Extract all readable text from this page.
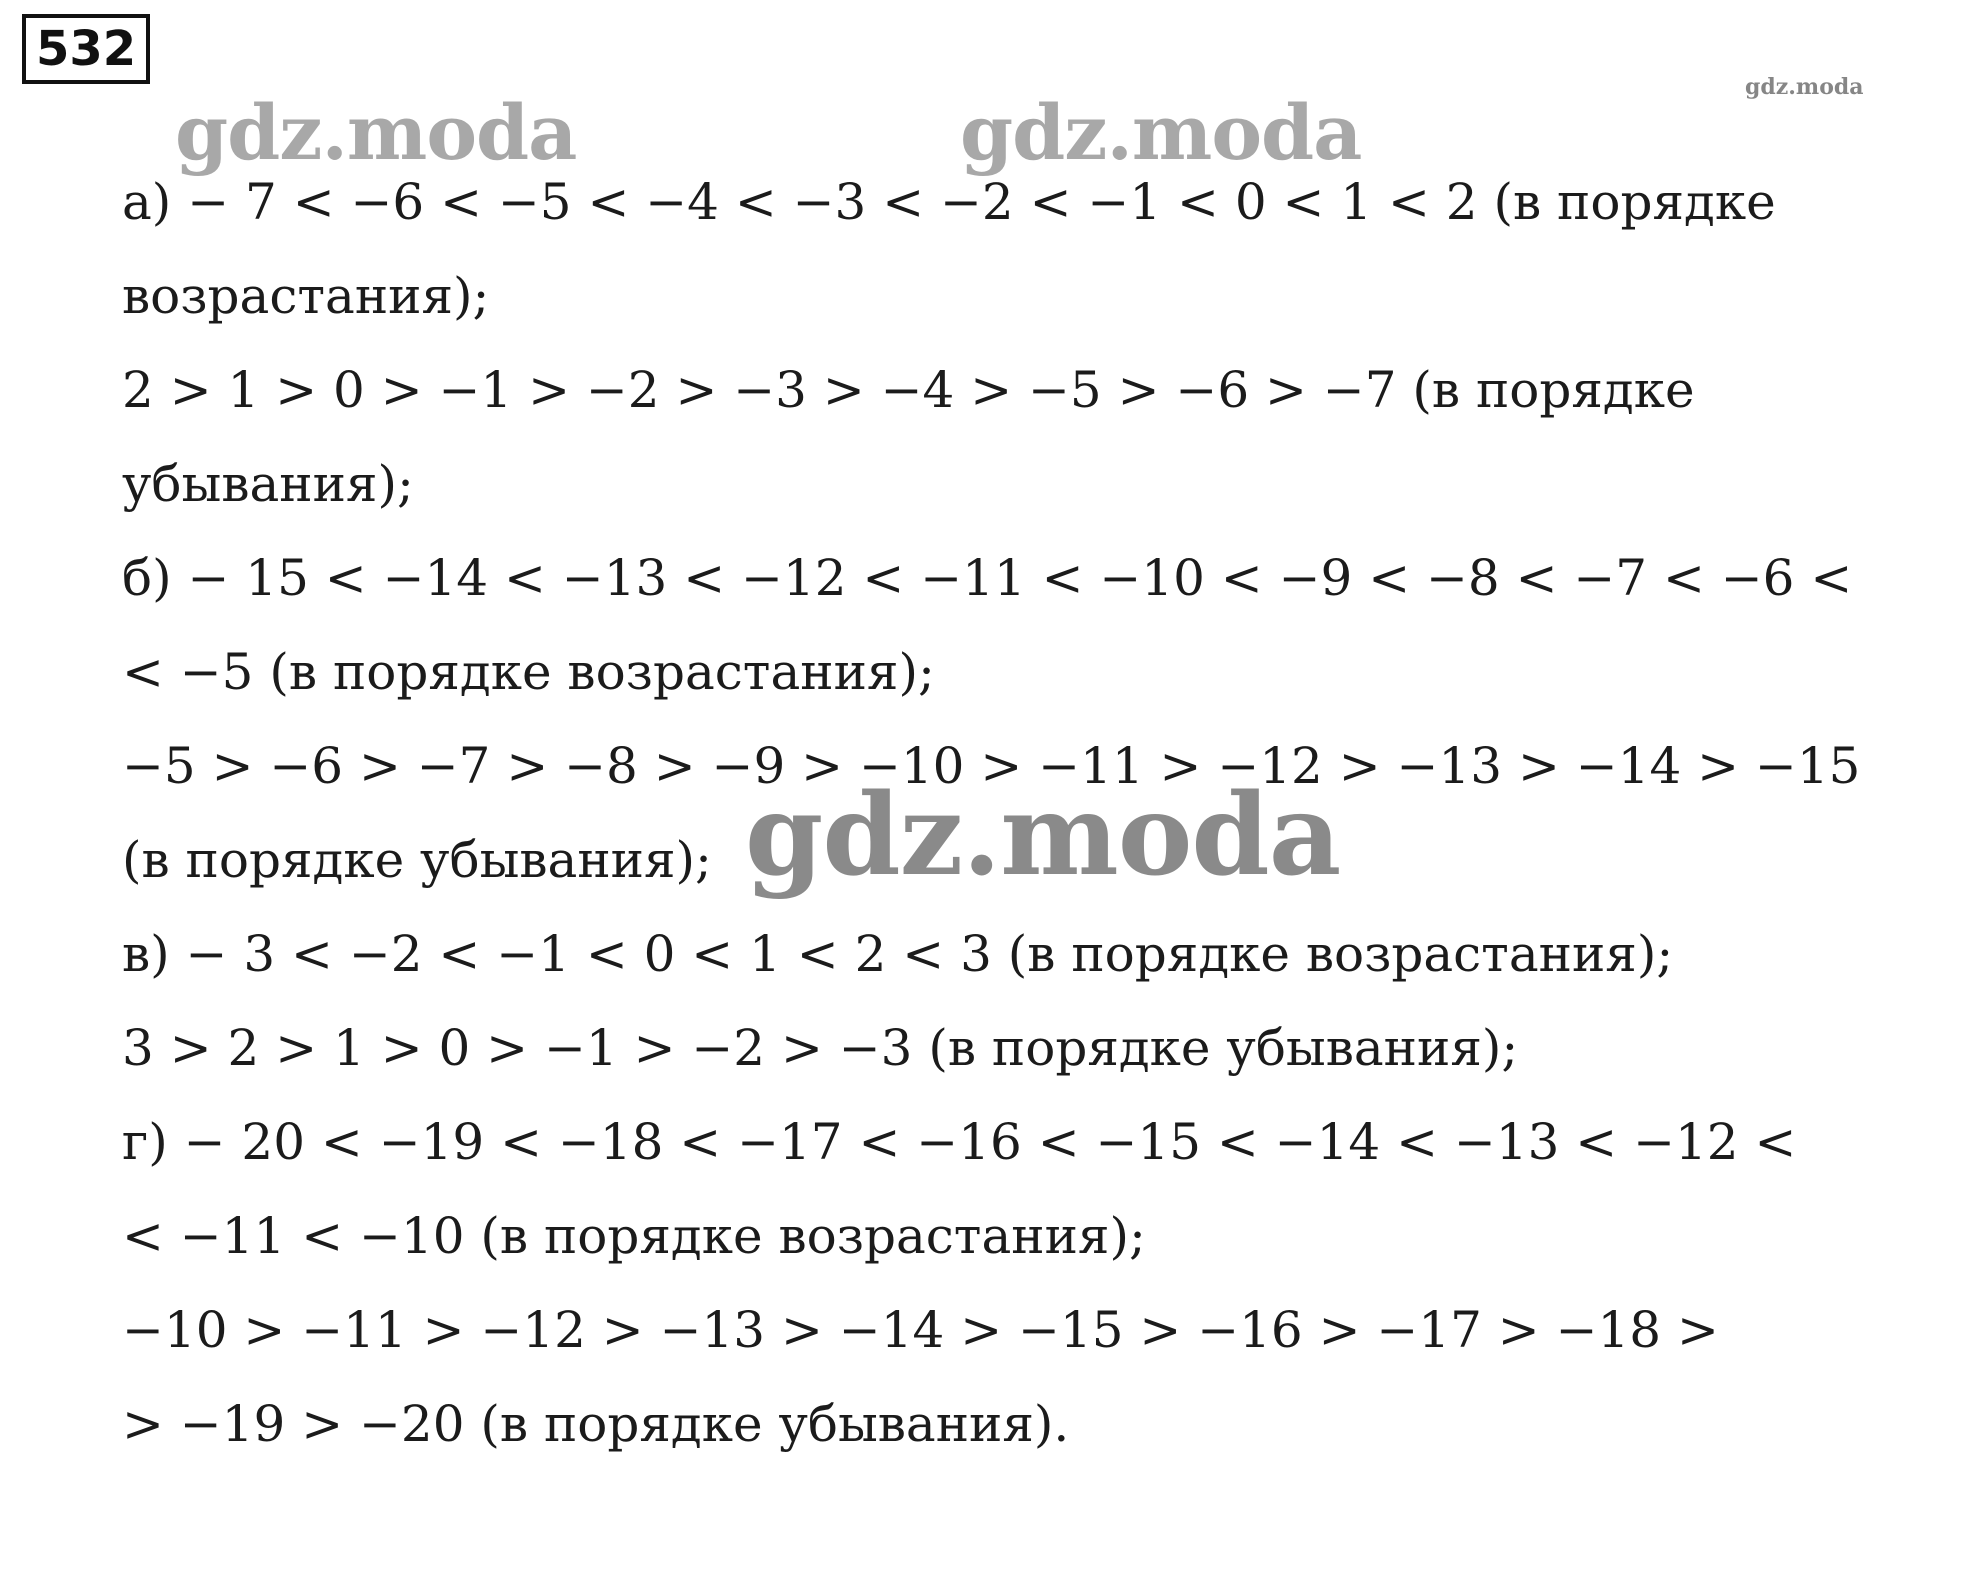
532
gdz.moda
gdz.moda	gdz.moda
gdz.moda
а) − 7 < −6 < −5 < −4 < −3 < −2 < −1 < 0 < 1 < 2 (в порядке
возрастания);
2 > 1 > 0 > −1 > −2 > −3 > −4 > −5 > −6 > −7 (в порядке
убывания);
б) − 15 < −14 < −13 < −12 < −11 < −10 < −9 < −8 < −7 < −6 <
< −5 (в порядке возрастания);
−5 > −6 > −7 > −8 > −9 > −10 > −11 > −12 > −13 > −14 > −15
(в порядке убывания);
в) − 3 < −2 < −1 < 0 < 1 < 2 < 3 (в порядке возрастания);
3 > 2 > 1 > 0 > −1 > −2 > −3 (в порядке убывания);
г) − 20 < −19 < −18 < −17 < −16 < −15 < −14 < −13 < −12 <
< −11 < −10 (в порядке возрастания);
−10 > −11 > −12 > −13 > −14 > −15 > −16 > −17 > −18 >
> −19 > −20 (в порядке убывания).
